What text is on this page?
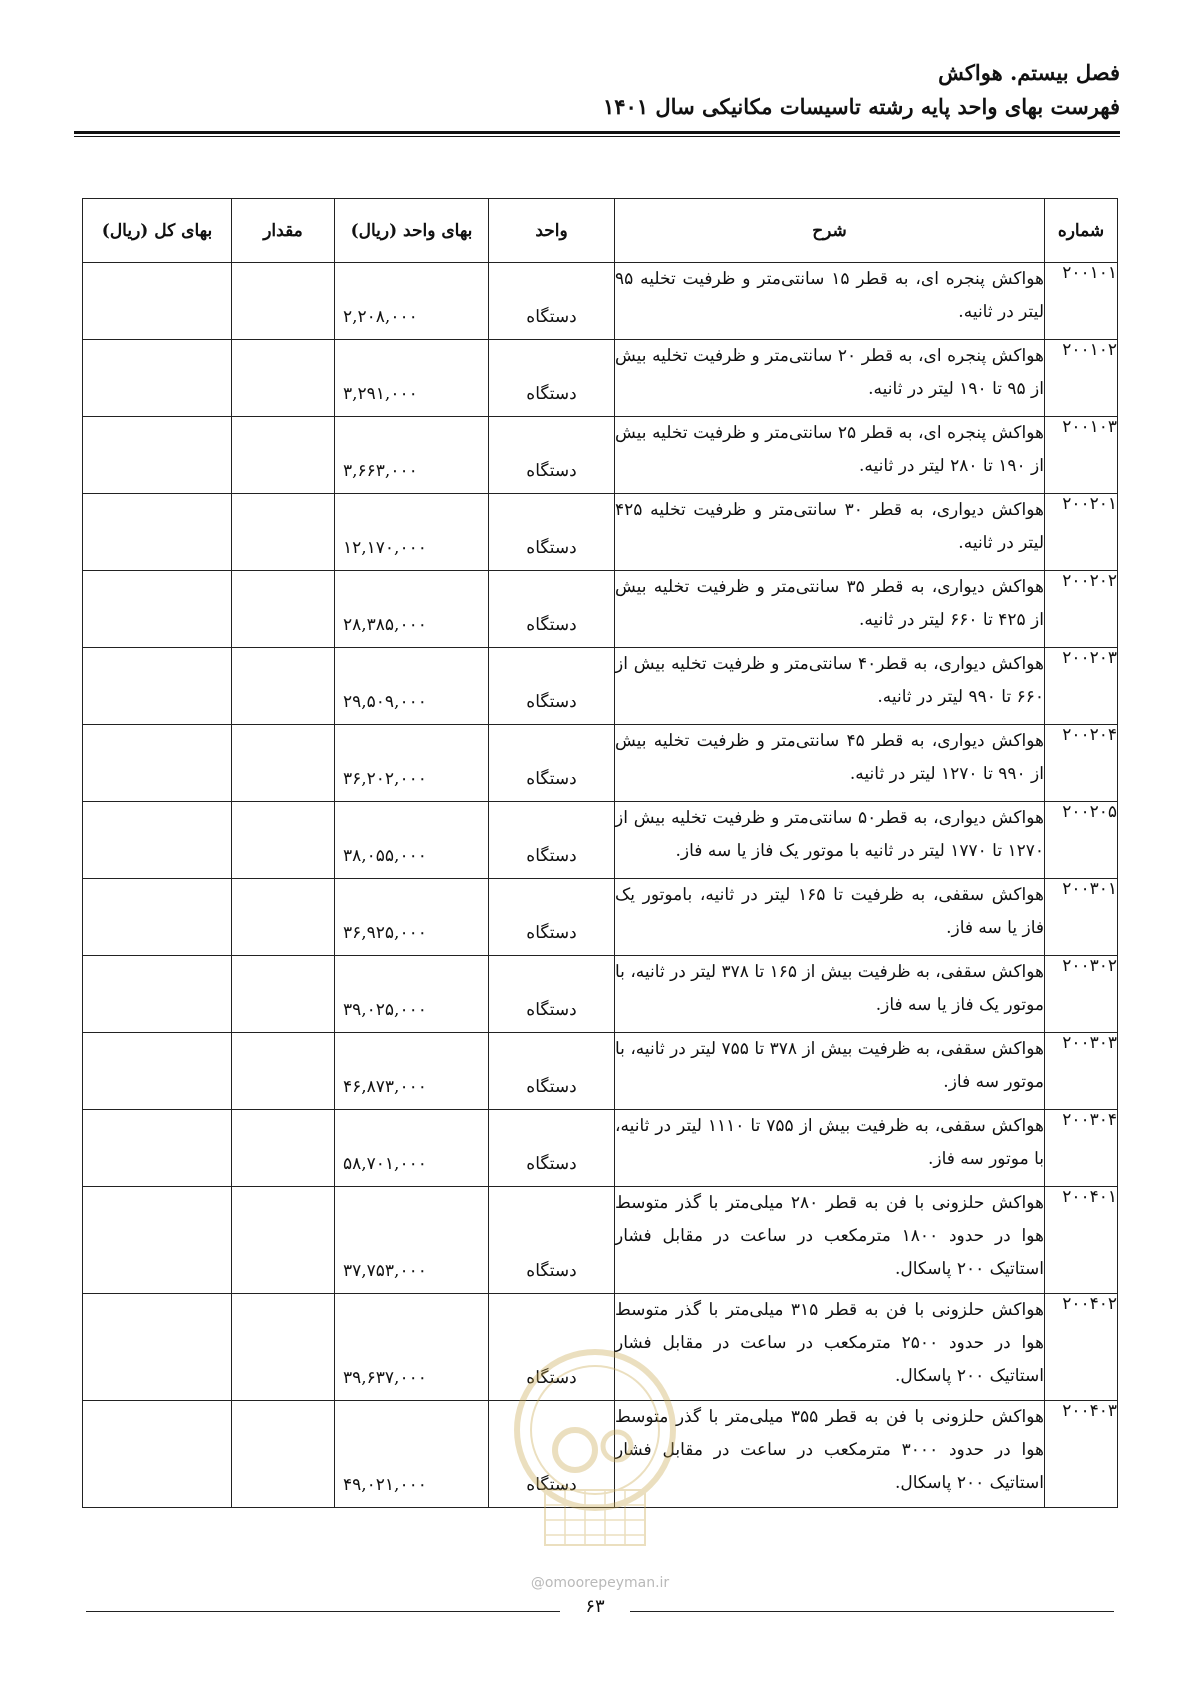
فصل بیستم. هواکش
فهرست بهای واحد پایه رشته تاسیسات مکانیکی سال ۱۴۰۱
شماره	شرح	واحد	بهای واحد (ریال)	مقدار	بهای کل (ریال)
۲۰۰۱۰۱	هواکش پنجره ای، به قطر ۱۵ سانتی‌متر و ظرفیت تخلیه ۹۵ لیتر در ثانیه.	دستگاه	۲,۲۰۸,۰۰۰		

۲۰۰۱۰۲	هواکش پنجره ای، به قطر ۲۰ سانتی‌متر و ظرفیت تخلیه بیش از ۹۵ تا ۱۹۰ لیتر در ثانیه.	دستگاه	۳,۲۹۱,۰۰۰		

۲۰۰۱۰۳	هواکش پنجره ای، به قطر ۲۵ سانتی‌متر و ظرفیت تخلیه بیش از ۱۹۰ تا ۲۸۰ لیتر در ثانیه.	دستگاه	۳,۶۶۳,۰۰۰		

۲۰۰۲۰۱	هواکش دیواری، به قطر ۳۰ سانتی‌متر و ظرفیت تخلیه ۴۲۵ لیتر در ثانیه.	دستگاه	۱۲,۱۷۰,۰۰۰		

۲۰۰۲۰۲	هواکش دیواری، به قطر ۳۵ سانتی‌متر و ظرفیت تخلیه بیش از ۴۲۵ تا ۶۶۰ لیتر در ثانیه.	دستگاه	۲۸,۳۸۵,۰۰۰		

۲۰۰۲۰۳	هواکش دیواری، به قطر۴۰ سانتی‌متر و ظرفیت تخلیه بیش از ۶۶۰ تا ۹۹۰ لیتر در ثانیه.	دستگاه	۲۹,۵۰۹,۰۰۰		

۲۰۰۲۰۴	هواکش دیواری، به قطر ۴۵ سانتی‌متر و ظرفیت تخلیه بیش از ۹۹۰ تا ۱۲۷۰ لیتر در ثانیه.	دستگاه	۳۶,۲۰۲,۰۰۰		

۲۰۰۲۰۵	هواکش دیواری، به قطر۵۰ سانتی‌متر و ظرفیت تخلیه بیش از ۱۲۷۰ تا ۱۷۷۰ لیتر در ثانیه با موتور یک فاز یا سه فاز.	دستگاه	۳۸,۰۵۵,۰۰۰		

۲۰۰۳۰۱	هواکش سقفی، به ظرفیت تا ۱۶۵ لیتر در ثانیه، باموتور یک فاز یا سه فاز.	دستگاه	۳۶,۹۲۵,۰۰۰		

۲۰۰۳۰۲	هواکش سقفی، به ظرفیت بیش از ۱۶۵ تا ۳۷۸ لیتر در ثانیه، با موتور یک فاز یا سه فاز.	دستگاه	۳۹,۰۲۵,۰۰۰		

۲۰۰۳۰۳	هواکش سقفی، به ظرفیت بیش از ۳۷۸ تا ۷۵۵ لیتر در ثانیه، با موتور سه فاز.	دستگاه	۴۶,۸۷۳,۰۰۰		

۲۰۰۳۰۴	هواکش سقفی، به ظرفیت بیش از ۷۵۵ تا ۱۱۱۰ لیتر در ثانیه، با موتور سه فاز.	دستگاه	۵۸,۷۰۱,۰۰۰		

۲۰۰۴۰۱	هواکش حلزونی با فن به قطر ۲۸۰ میلی‌متر با گذر متوسط هوا در حدود ۱۸۰۰ مترمکعب در ساعت در مقابل فشار استاتیک ۲۰۰ پاسکال.	دستگاه	۳۷,۷۵۳,۰۰۰		

۲۰۰۴۰۲	هواکش حلزونی با فن به قطر ۳۱۵ میلی‌متر با گذر متوسط هوا در حدود ۲۵۰۰ مترمکعب در ساعت در مقابل فشار استاتیک ۲۰۰ پاسکال.	دستگاه	۳۹,۶۳۷,۰۰۰		

۲۰۰۴۰۳	هواکش حلزونی با فن به قطر ۳۵۵ میلی‌متر با گذر متوسط هوا در حدود ۳۰۰۰ مترمکعب در ساعت در مقابل فشار استاتیک ۲۰۰ پاسکال.	دستگاه	۴۹,۰۲۱,۰۰۰		

@omoorepeyman.ir
۶۳
